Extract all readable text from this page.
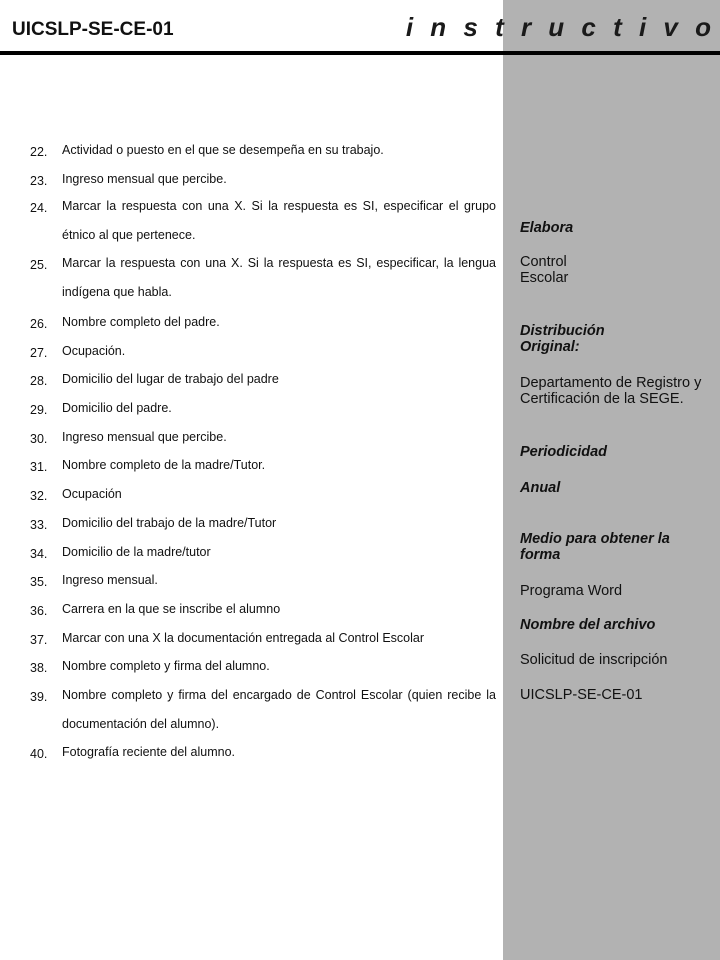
UICSLP-SE-CE-01	i n s t r u c t i v o
22. Actividad o puesto en el que se desempeña en su trabajo.
23. Ingreso mensual que percibe.
24. Marcar la respuesta con una X. Si la respuesta es SI, especificar el grupo étnico al que pertenece.
25. Marcar la respuesta con una X. Si la respuesta es SI, especificar, la lengua indígena que habla.
26. Nombre completo del padre.
27. Ocupación.
28. Domicilio del lugar de trabajo del padre
29. Domicilio del padre.
30. Ingreso mensual que percibe.
31. Nombre completo de la madre/Tutor.
32. Ocupación
33. Domicilio del trabajo de la madre/Tutor
34. Domicilio de la madre/tutor
35. Ingreso mensual.
36. Carrera en la que se inscribe el alumno
37. Marcar con una X la documentación entregada al Control Escolar
38. Nombre completo y firma del alumno.
39. Nombre completo y firma del encargado de Control Escolar (quien recibe la documentación del alumno).
40. Fotografía reciente del alumno.
Elabora
Control Escolar
Distribución Original:
Departamento de Registro y Certificación de la SEGE.
Periodicidad
Anual
Medio para obtener la forma
Programa Word
Nombre del archivo
Solicitud de inscripción
UICSLP-SE-CE-01
